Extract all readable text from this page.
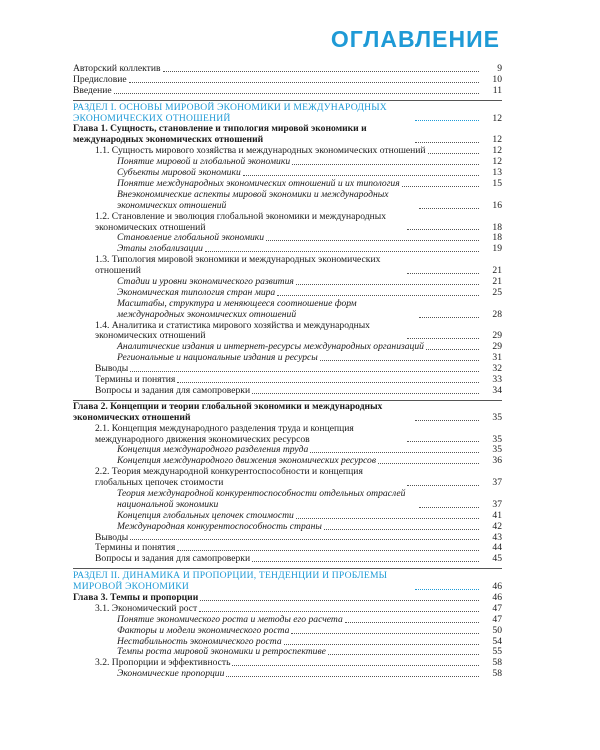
ОГЛАВЛЕНИЕ
Авторский коллектив	9
Предисловие	10
Введение	11
РАЗДЕЛ I. ОСНОВЫ МИРОВОЙ ЭКОНОМИКИ И МЕЖДУНАРОДНЫХ ЭКОНОМИЧЕСКИХ ОТНОШЕНИЙ	12
Глава 1. Сущность, становление и типология мировой экономики и международных экономических отношений	12
1.1. Сущность мирового хозяйства и международных экономических отношений	12
Понятие мировой и глобальной экономики	12
Субъекты мировой экономики	13
Понятие международных экономических отношений и их типология	15
Внеэкономические аспекты мировой экономики и международных экономических отношений	16
1.2. Становление и эволюция глобальной экономики и международных экономических отношений	18
Становление глобальной экономики	18
Этапы глобализации	19
1.3. Типология мировой экономики и международных экономических отношений	21
Стадии и уровни экономического развития	21
Экономическая типология стран мира	25
Масштабы, структура и меняющееся соотношение форм международных экономических отношений	28
1.4. Аналитика и статистика мирового хозяйства и международных экономических отношений	29
Аналитические издания и интернет-ресурсы международных организаций	29
Региональные и национальные издания и ресурсы	31
Выводы	32
Термины и понятия	33
Вопросы и задания для самопроверки	34
Глава 2. Концепции и теории глобальной экономики и международных экономических отношений	35
2.1. Концепция международного разделения труда и концепция международного движения экономических ресурсов	35
Концепция международного разделения труда	35
Концепция международного движения экономических ресурсов	36
2.2. Теория международной конкурентоспособности и концепция глобальных цепочек стоимости	37
Теория международной конкурентоспособности отдельных отраслей национальной экономики	37
Концепция глобальных цепочек стоимости	41
Международная конкурентоспособность страны	42
Выводы	43
Термины и понятия	44
Вопросы и задания для самопроверки	45
РАЗДЕЛ II. ДИНАМИКА И ПРОПОРЦИИ, ТЕНДЕНЦИИ И ПРОБЛЕМЫ МИРОВОЙ ЭКОНОМИКИ	46
Глава 3. Темпы и пропорции	46
3.1. Экономический рост	47
Понятие экономического роста и методы его расчета	47
Факторы и модели экономического роста	50
Нестабильность экономического роста	54
Темпы роста мировой экономики и ретроспективе	55
3.2. Пропорции и эффективность	58
Экономические пропорции	58
